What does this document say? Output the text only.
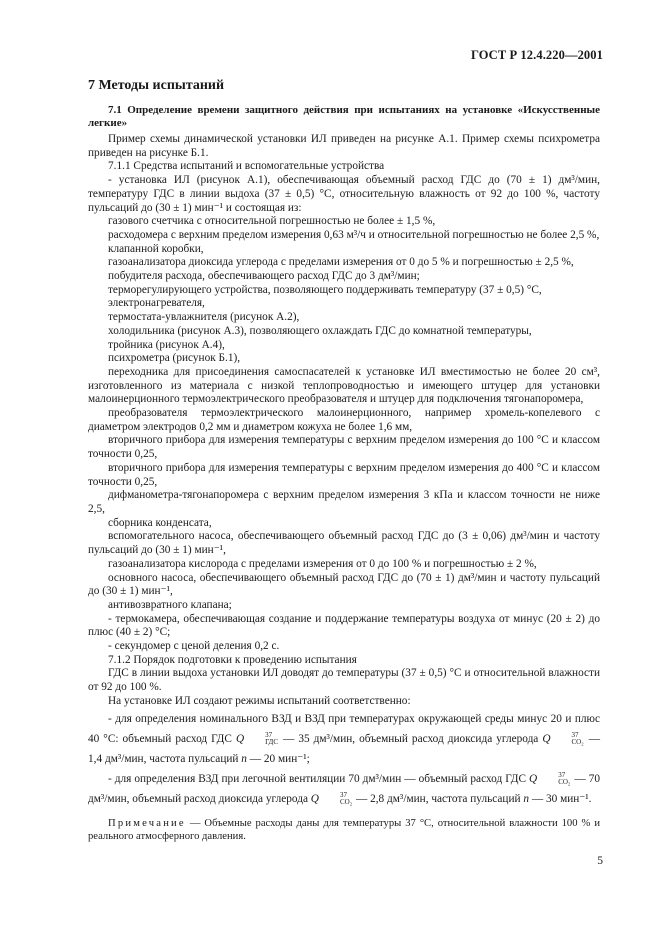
ГОСТ Р 12.4.220—2001
7 Методы испытаний
7.1 Определение времени защитного действия при испытаниях на установке «Искусственные легкие»

Пример схемы динамической установки ИЛ приведен на рисунке А.1. Пример схемы психрометра приведен на рисунке Б.1.

7.1.1 Средства испытаний и вспомогательные устройства

- установка ИЛ (рисунок А.1), обеспечивающая объемный расход ГДС до (70 ± 1) дм³/мин, температуру ГДС в линии выдоха (37 ± 0,5) °С, относительную влажность от 92 до 100 %, частоту пульсаций до (30 ± 1) мин⁻¹ и состоящая из:

газового счетчика с относительной погрешностью не более ± 1,5 %,

расходомера с верхним пределом измерения 0,63 м³/ч и относительной погрешностью не более 2,5 %,

клапанной коробки,

газоанализатора диоксида углерода с пределами измерения от 0 до 5 % и погрешностью ± 2,5 %,

побудителя расхода, обеспечивающего расход ГДС до 3 дм³/мин;

терморегулирующего устройства, позволяющего поддерживать температуру (37 ± 0,5) °С,

электронагревателя,

термостата-увлажнителя (рисунок А.2),

холодильника (рисунок А.3), позволяющего охлаждать ГДС до комнатной температуры,

тройника (рисунок А.4),

психрометра (рисунок Б.1),

переходника для присоединения самоспасателей к установке ИЛ вместимостью не более 20 см³, изготовленного из материала с низкой теплопроводностью и имеющего штуцер для установки малоинерционного термоэлектрического преобразователя и штуцер для подключения тягонапоромера,

преобразователя термоэлектрического малоинерционного, например хромель-копелевого с диаметром электродов 0,2 мм и диаметром кожуха не более 1,6 мм,

вторичного прибора для измерения температуры с верхним пределом измерения до 100 °С и классом точности 0,25,

вторичного прибора для измерения температуры с верхним пределом измерения до 400 °С и классом точности 0,25,

дифманометра-тягонапоромера с верхним пределом измерения 3 кПа и классом точности не ниже 2,5,

сборника конденсата,

вспомогательного насоса, обеспечивающего объемный расход ГДС до (3 ± 0,06) дм³/мин и частоту пульсаций до (30 ± 1) мин⁻¹,

газоанализатора кислорода с пределами измерения от 0 до 100 % и погрешностью ± 2 %,

основного насоса, обеспечивающего объемный расход ГДС до (70 ± 1) дм³/мин и частоту пульсаций до (30 ± 1) мин⁻¹,

антивозвратного клапана;

- термокамера, обеспечивающая создание и поддержание температуры воздуха от минус (20 ± 2) до плюс (40 ± 2) °С;

- секундомер с ценой деления 0,2 с.

7.1.2 Порядок подготовки к проведению испытания

ГДС в линии выдоха установки ИЛ доводят до температуры (37 ± 0,5) °С и относительной влажности от 92 до 100 %.

На установке ИЛ создают режимы испытаний соответственно:

- для определения номинального ВЗД и ВЗД при температурах окружающей среды минус 20 и плюс 40 °С: объемный расход ГДС Q	37
ГДС — 35 дм³/мин, объемный расход диоксида углерода Q	37
CO₂ — 1,4 дм³/мин, частота пульсаций n — 20 мин⁻¹;

- для определения ВЗД при легочной вентиляции 70 дм³/мин — объемный расход ГДС Q	37
CO₂ — 70 дм³/мин, объемный расход диоксида углерода Q	37
CO₂ — 2,8 дм³/мин, частота пульсаций n — 30 мин⁻¹.

Примечание — Объемные расходы даны для температуры 37 °С, относительной влажности 100 % и реального атмосферного давления.

5
